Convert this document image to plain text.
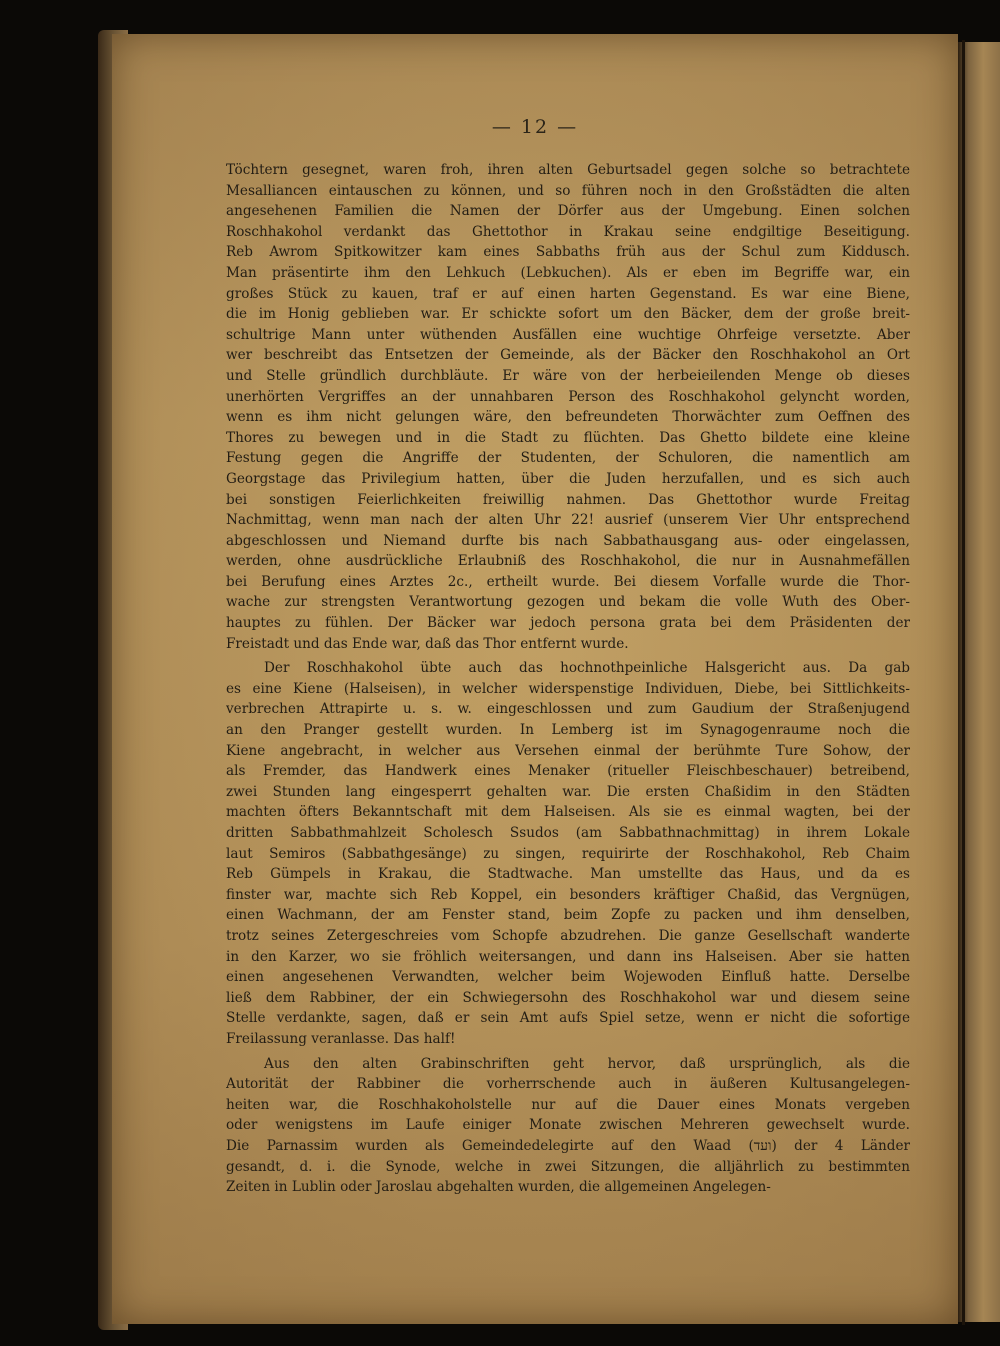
— 12 —

Töchtern gesegnet, waren froh, ihren alten Geburtsadel gegen solche so betrachtete
Mesalliancen eintauschen zu können, und so führen noch in den Großstädten die alten
angesehenen Familien die Namen der Dörfer aus der Umgebung. Einen solchen
Roschhakohol verdankt das Ghettothor in Krakau seine endgiltige Beseitigung.
Reb Awrom Spitkowitzer kam eines Sabbaths früh aus der Schul zum Kiddusch.
Man präsentirte ihm den Lehkuch (Lebkuchen). Als er eben im Begriffe war, ein
großes Stück zu kauen, traf er auf einen harten Gegenstand. Es war eine Biene,
die im Honig geblieben war. Er schickte sofort um den Bäcker, dem der große breit-
schultrige Mann unter wüthenden Ausfällen eine wuchtige Ohrfeige versetzte. Aber
wer beschreibt das Entsetzen der Gemeinde, als der Bäcker den Roschhakohol an Ort
und Stelle gründlich durchbläute. Er wäre von der herbeieilenden Menge ob dieses
unerhörten Vergriffes an der unnahbaren Person des Roschhakohol gelyncht worden,
wenn es ihm nicht gelungen wäre, den befreundeten Thorwächter zum Oeffnen des
Thores zu bewegen und in die Stadt zu flüchten. Das Ghetto bildete eine kleine
Festung gegen die Angriffe der Studenten, der Schuloren, die namentlich am
Georgstage das Privilegium hatten, über die Juden herzufallen, und es sich auch
bei sonstigen Feierlichkeiten freiwillig nahmen. Das Ghettothor wurde Freitag
Nachmittag, wenn man nach der alten Uhr 22! ausrief (unserem Vier Uhr entsprechend
abgeschlossen und Niemand durfte bis nach Sabbathausgang aus- oder eingelassen,
werden, ohne ausdrückliche Erlaubniß des Roschhakohol, die nur in Ausnahmefällen
bei Berufung eines Arztes 2c., ertheilt wurde. Bei diesem Vorfalle wurde die Thor-
wache zur strengsten Verantwortung gezogen und bekam die volle Wuth des Ober-
hauptes zu fühlen. Der Bäcker war jedoch persona grata bei dem Präsidenten der
Freistadt und das Ende war, daß das Thor entfernt wurde.

Der Roschhakohol übte auch das hochnothpeinliche Halsgericht aus. Da gab
es eine Kiene (Halseisen), in welcher widerspenstige Individuen, Diebe, bei Sittlichkeits-
verbrechen Attrapirte u. s. w. eingeschlossen und zum Gaudium der Straßenjugend
an den Pranger gestellt wurden. In Lemberg ist im Synagogenraume noch die
Kiene angebracht, in welcher aus Versehen einmal der berühmte Ture Sohow, der
als Fremder, das Handwerk eines Menaker (ritueller Fleischbeschauer) betreibend,
zwei Stunden lang eingesperrt gehalten war. Die ersten Chaßidim in den Städten
machten öfters Bekanntschaft mit dem Halseisen. Als sie es einmal wagten, bei der
dritten Sabbathmahlzeit Scholesch Ssudos (am Sabbathnachmittag) in ihrem Lokale
laut Semiros (Sabbathgesänge) zu singen, requirirte der Roschhakohol, Reb Chaim
Reb Gümpels in Krakau, die Stadtwache. Man umstellte das Haus, und da es
finster war, machte sich Reb Koppel, ein besonders kräftiger Chaßid, das Vergnügen,
einen Wachmann, der am Fenster stand, beim Zopfe zu packen und ihm denselben,
trotz seines Zetergeschreies vom Schopfe abzudrehen. Die ganze Gesellschaft wanderte
in den Karzer, wo sie fröhlich weitersangen, und dann ins Halseisen. Aber sie hatten
einen angesehenen Verwandten, welcher beim Wojewoden Einfluß hatte. Derselbe
ließ dem Rabbiner, der ein Schwiegersohn des Roschhakohol war und diesem seine
Stelle verdankte, sagen, daß er sein Amt aufs Spiel setze, wenn er nicht die sofortige
Freilassung veranlasse. Das half!

Aus den alten Grabinschriften geht hervor, daß ursprünglich, als die
Autorität der Rabbiner die vorherrschende auch in äußeren Kultusangelegen-
heiten war, die Roschhakoholstelle nur auf die Dauer eines Monats vergeben
oder wenigstens im Laufe einiger Monate zwischen Mehreren gewechselt wurde.
Die Parnassim wurden als Gemeindedelegirte auf den Waad (ועד) der 4 Länder
gesandt, d. i. die Synode, welche in zwei Sitzungen, die alljährlich zu bestimmten
Zeiten in Lublin oder Jaroslau abgehalten wurden, die allgemeinen Angelegen-
